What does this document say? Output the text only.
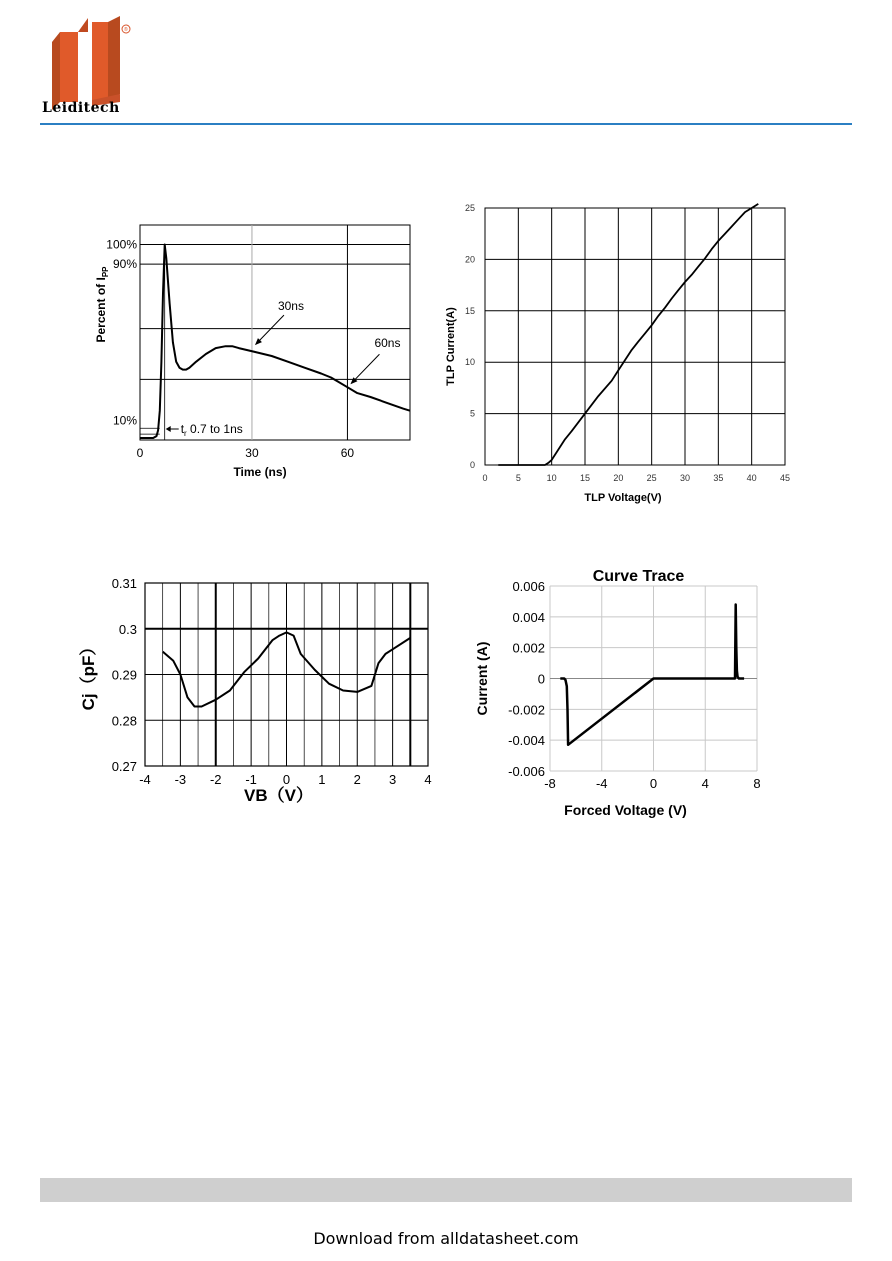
®
Leiditech
0	30	60
100%
90%
10%
Time (ns)
Percent of $I_{PP}$
30ns
60ns
$t_r$ 0.7 to 1ns
0	5	10	15	20	25	30	35	40	45
0
5
10
15
20
25
TLP Voltage(V)
TLP Current(A)
-4 -3 -2 -1 0 1 2 3 4
0.27
0.28
0.29
0.3
0.31
VB（V）
Cj（pF）
Curve Trace
-8	-4	0	4	8
-0.006
-0.004
-0.002
0
0.002
0.004
0.006
Forced Voltage (V)
Current (A)
Download from alldatasheet.com
